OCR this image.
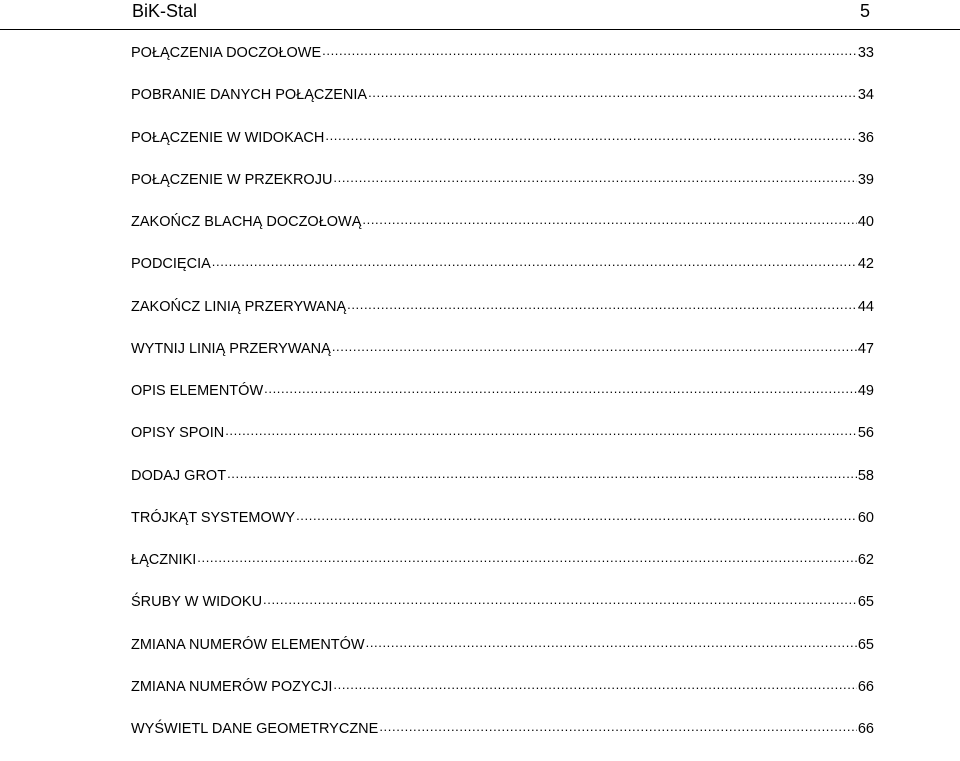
BiK-Stal	5
POŁĄCZENIA DOCZOŁOWE .....	33
POBRANIE DANYCH POŁĄCZENIA .....	34
POŁĄCZENIE W WIDOKACH .....	36
POŁĄCZENIE W PRZEKROJU .....	39
ZAKOŃCZ BLACHĄ DOCZOŁOWĄ .....	40
PODCIĘCIA .....	42
ZAKOŃCZ LINIĄ PRZERYWANĄ .....	44
WYTNIJ LINIĄ PRZERYWANĄ .....	47
OPIS ELEMENTÓW .....	49
OPISY SPOIN .....	56
DODAJ GROT .....	58
TRÓJKĄT SYSTEMOWY .....	60
ŁĄCZNIKI .....	62
ŚRUBY W WIDOKU .....	65
ZMIANA NUMERÓW ELEMENTÓW .....	65
ZMIANA NUMERÓW POZYCJI .....	66
WYŚWIETL DANE GEOMETRYCZNE .....	66
